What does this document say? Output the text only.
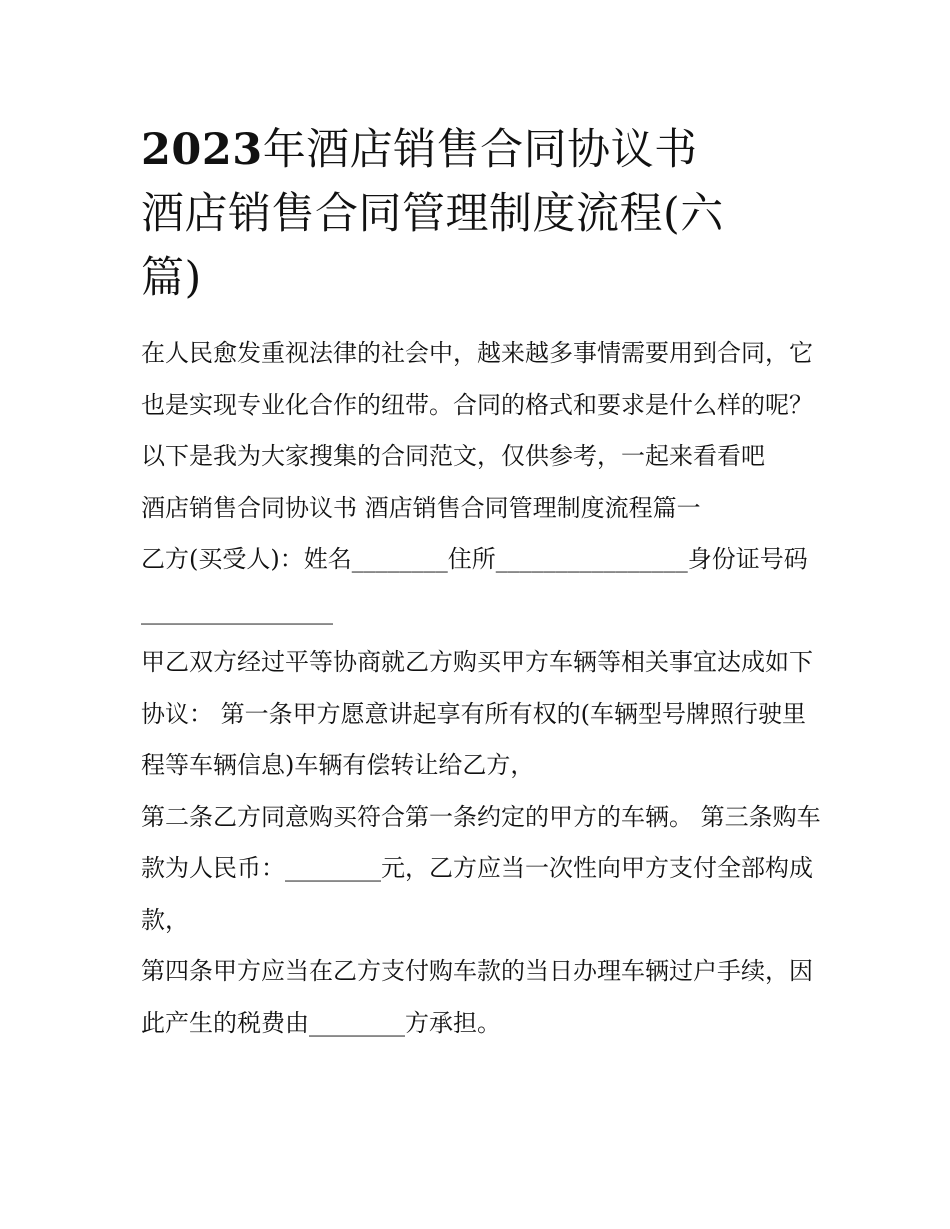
2023年酒店销售合同协议书
酒店销售合同管理制度流程(六
篇)

在人民愈发重视法律的社会中，越来越多事情需要用到合同，它也是实现专业化合作的纽带。合同的格式和要求是什么样的呢？以下是我为大家搜集的合同范文，仅供参考，一起来看看吧

酒店销售合同协议书 酒店销售合同管理制度流程篇一

乙方(买受人)：姓名________住所________________身份证号码________________

甲乙双方经过平等协商就乙方购买甲方车辆等相关事宜达成如下协议： 第一条甲方愿意讲起享有所有权的(车辆型号牌照行驶里程等车辆信息)车辆有偿转让给乙方，

第二条乙方同意购买符合第一条约定的甲方的车辆。 第三条购车款为人民币：________元，乙方应当一次性向甲方支付全部构成款，

第四条甲方应当在乙方支付购车款的当日办理车辆过户手续，因此产生的税费由________方承担。
